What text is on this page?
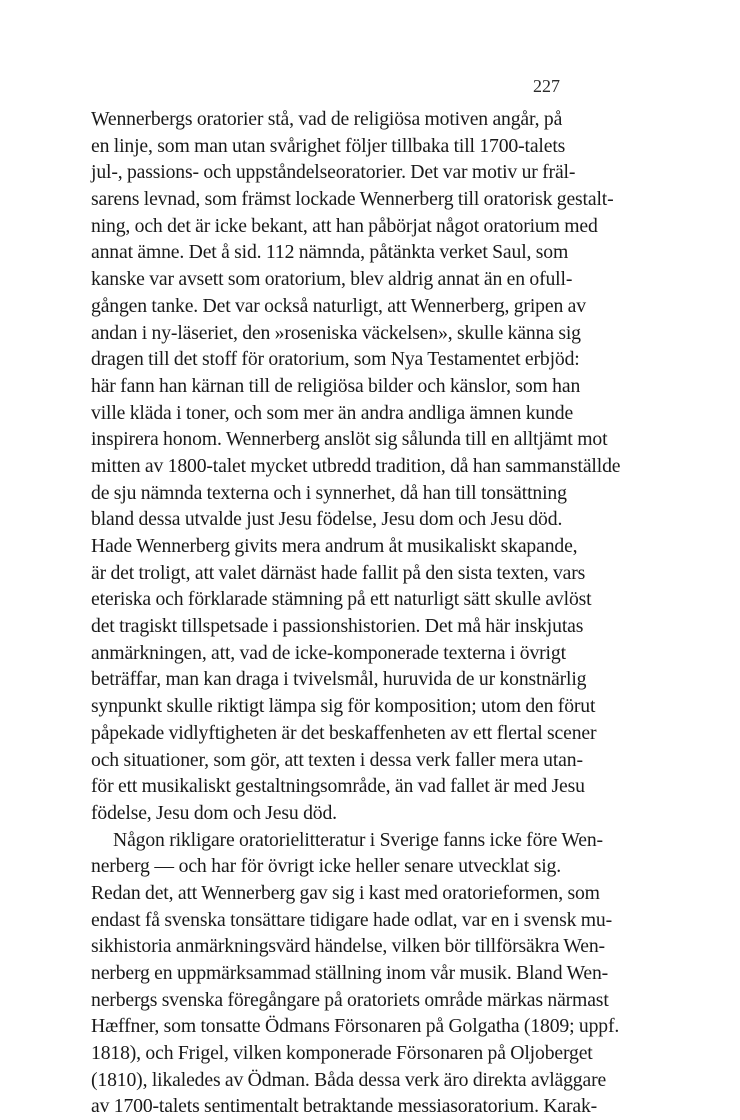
227
Wennerbergs oratorier stå, vad de religiösa motiven angår, på
en linje, som man utan svårighet följer tillbaka till 1700-talets
jul-, passions- och uppståndelseoratorier. Det var motiv ur fräl-
sarens levnad, som främst lockade Wennerberg till oratorisk gestalt-
ning, och det är icke bekant, att han påbörjat något oratorium med
annat ämne. Det å sid. 112 nämnda, påtänkta verket Saul, som
kanske var avsett som oratorium, blev aldrig annat än en ofull-
gången tanke. Det var också naturligt, att Wennerberg, gripen av
andan i ny-läseriet, den »roseniska väckelsen», skulle känna sig
dragen till det stoff för oratorium, som Nya Testamentet erbjöd:
här fann han kärnan till de religiösa bilder och känslor, som han
ville kläda i toner, och som mer än andra andliga ämnen kunde
inspirera honom. Wennerberg anslöt sig sålunda till en alltjämt mot
mitten av 1800-talet mycket utbredd tradition, då han sammanställde
de sju nämnda texterna och i synnerhet, då han till tonsättning
bland dessa utvalde just Jesu födelse, Jesu dom och Jesu död.
Hade Wennerberg givits mera andrum åt musikaliskt skapande,
är det troligt, att valet därnäst hade fallit på den sista texten, vars
eteriska och förklarade stämning på ett naturligt sätt skulle avlöst
det tragiskt tillspetsade i passionshistorien. Det må här inskjutas
anmärkningen, att, vad de icke-komponerade texterna i övrigt
beträffar, man kan draga i tvivelsmål, huruvida de ur konstnärlig
synpunkt skulle riktigt lämpa sig för komposition; utom den förut
påpekade vidlyftigheten är det beskaffenheten av ett flertal scener
och situationer, som gör, att texten i dessa verk faller mera utan-
för ett musikaliskt gestaltningsområde, än vad fallet är med Jesu
födelse, Jesu dom och Jesu död.
Någon rikligare oratorielitteratur i Sverige fanns icke före Wen-
nerberg — och har för övrigt icke heller senare utvecklat sig.
Redan det, att Wennerberg gav sig i kast med oratorieformen, som
endast få svenska tonsättare tidigare hade odlat, var en i svensk mu-
sikhistoria anmärkningsvärd händelse, vilken bör tillförsäkra Wen-
nerberg en uppmärksammad ställning inom vår musik. Bland Wen-
nerbergs svenska föregångare på oratoriets område märkas närmast
Hæffner, som tonsatte Ödmans Försonaren på Golgatha (1809; uppf.
1818), och Frigel, vilken komponerade Försonaren på Oljoberget
(1810), likaledes av Ödman. Båda dessa verk äro direkta avläggare
av 1700-talets sentimentalt betraktande messiasoratorium. Karak-
